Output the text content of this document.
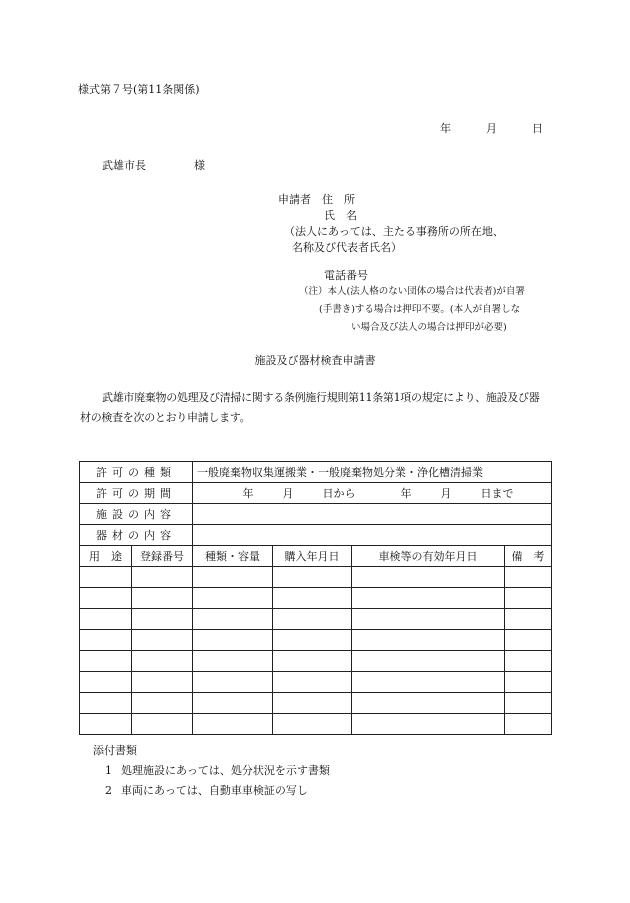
様式第７号(第11条関係)
年	月	日
武雄市長	様
申請者 住　所
氏　名
（法人にあっては、主たる事務所の所在地、
名称及び代表者氏名）
電話番号
（注）本人(法人格のない団体の場合は代表者)が自署
(手書き)する場合は押印不要。(本人が自署しな
い場合及び法人の場合は押印が必要)
施設及び器材検査申請書
武雄市廃棄物の処理及び清掃に関する条例施行規則第11条第1項の規定により、施設及び器材の検査を次のとおり申請します。
許可の種類		一般廃棄物収集運搬業・一般廃棄物処分業・浄化槽清掃業			
許可の期間		年 月 日から 年 月 日まで			
施設の内容					
器材の内容					
用　途	登録番号	種類・容量	購入年月日	車検等の有効年月日	備　考

添付書類
1 処理施設にあっては、処分状況を示す書類
2 車両にあっては、自動車車検証の写し
